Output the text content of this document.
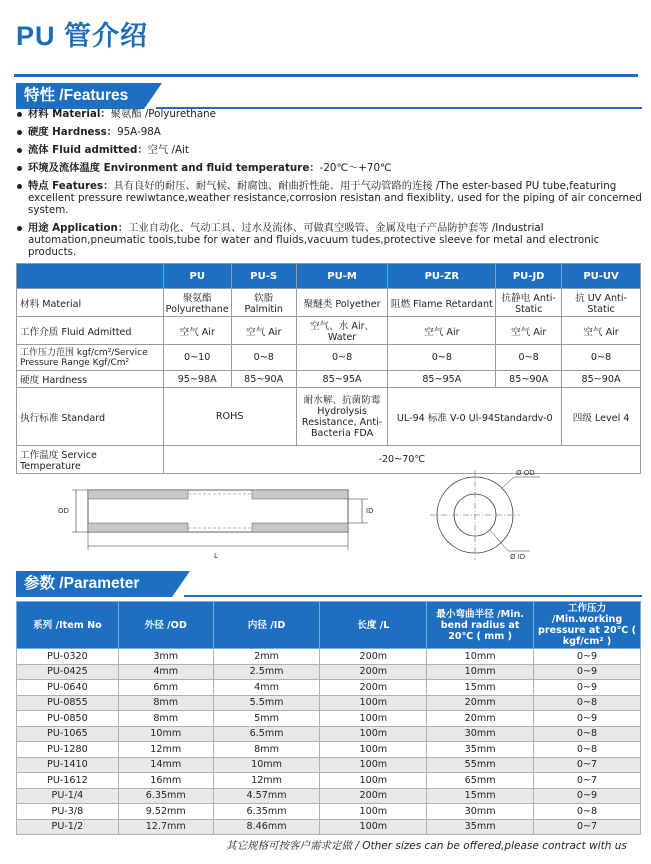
PU 管介绍
特性 /Features
材料 Material：聚氨酯 /Polyurethane
硬度 Hardness：95A-98A
流体 Fluid admitted：空气 /Ait
环境及流体温度 Environment and fluid temperature：-20℃～+70℃
特点 Features：具有良好的耐压、耐气候、耐腐蚀、耐曲折性能、用于气动管路的连接 /The ester-based PU tube,featuring excellent pressure rewiwtance,weather resistance,corrosion resistan and fiexiblity, used for the piping of air concerned system.
用途 Application：工业自动化、气动工具、过水及流体、可做真空吸管、金属及电子产品防护套等 /Industrial automation,pneumatic tools,tube for water and fluids,vacuum tudes,protective sleeve for metal and electronic products.
	PU	PU-S	PU-M	PU-ZR	PU-JD	PU-UV
材料 Material	聚氨酯 Polyurethane	软脂 Palmitin	聚醚类 Polyether	阻燃 Flame Retardant	抗静电 Anti-Static	抗 UV Anti-Static
工作介质 Fluid Admitted	空气 Air	空气 Air	空气、水 Air、Water	空气 Air	空气 Air	空气 Air
工作压力范围 kgf/cm²/Service Pressure Range Kgf/Cm²	0~10	0~8	0~8	0~8	0~8	0~8
硬度 Hardness	95~98A	85~90A	85~95A	85~95A	85~90A	85~90A
执行标准 Standard	ROHS		耐水解、抗菌防霉 Hydrolysis Resistance, Anti-Bacteria FDA	UL-94 标准 V-0 Ul-94Standardv-0		四级 Level 4
工作温度 Service Temperature	-20~70℃					
OD	ID
L
Ø OD
Ø ID
参数 /Parameter
系列 /Item No	外径 /OD	内径 /ID	长度 /L	最小弯曲半径 /Min. bend radius at 20℃ ( mm )	工作压力 /Min.working pressure at 20℃ ( kgf/cm² )
PU-0320	3mm	2mm	200m	10mm	0~9
PU-0425	4mm	2.5mm	200m	10mm	0~9
PU-0640	6mm	4mm	200m	15mm	0~9
PU-0855	8mm	5.5mm	100m	20mm	0~8
PU-0850	8mm	5mm	100m	20mm	0~9
PU-1065	10mm	6.5mm	100m	30mm	0~8
PU-1280	12mm	8mm	100m	35mm	0~8
PU-1410	14mm	10mm	100m	55mm	0~7
PU-1612	16mm	12mm	100m	65mm	0~7
PU-1/4	6.35mm	4.57mm	200m	15mm	0~9
PU-3/8	9.52mm	6.35mm	100m	30mm	0~8
PU-1/2	12.7mm	8.46mm	100m	35mm	0~7
其它规格可按客户需求定做 / Other sizes can be offered,please contract with us
